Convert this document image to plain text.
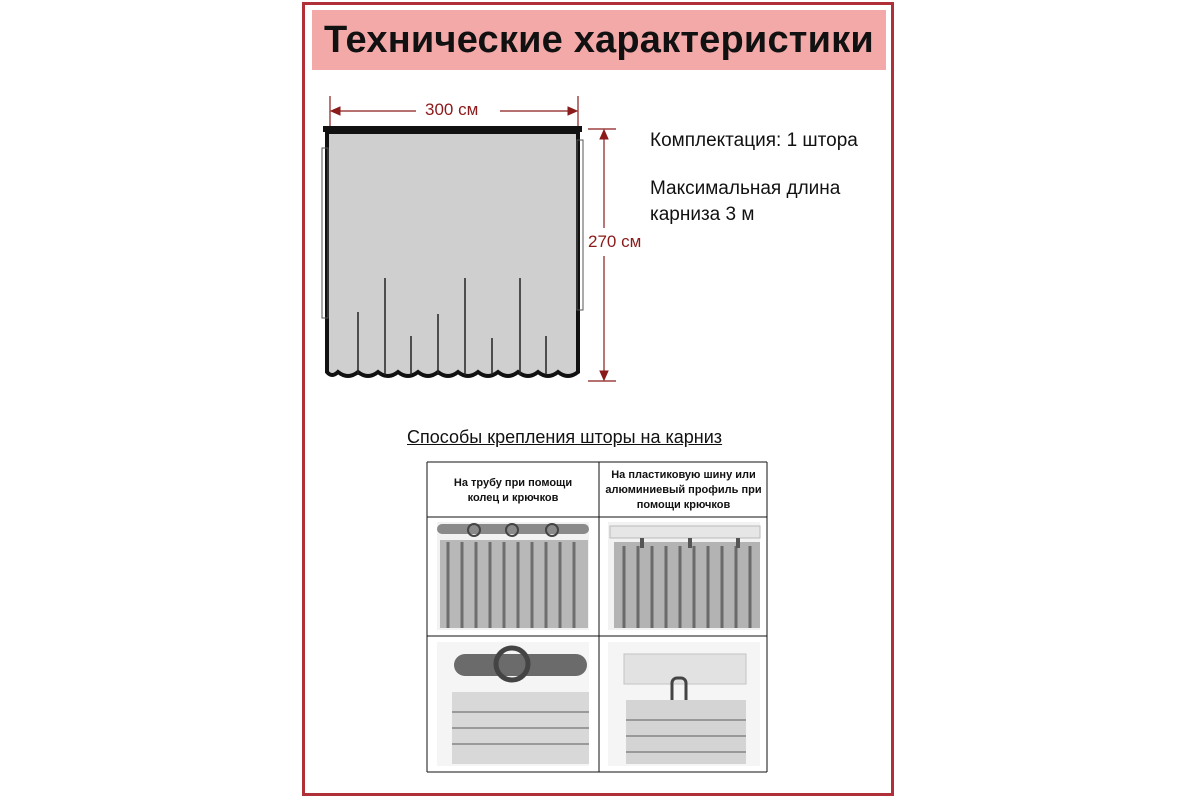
Технические характеристики
300 см
270 см
Комплектация: 1 штора
Максимальная длина
карниза 3 м
Способы крепления шторы на карниз
На трубу при помощи колец и крючков
На пластиковую шину или алюминиевый профиль при помощи крючков
